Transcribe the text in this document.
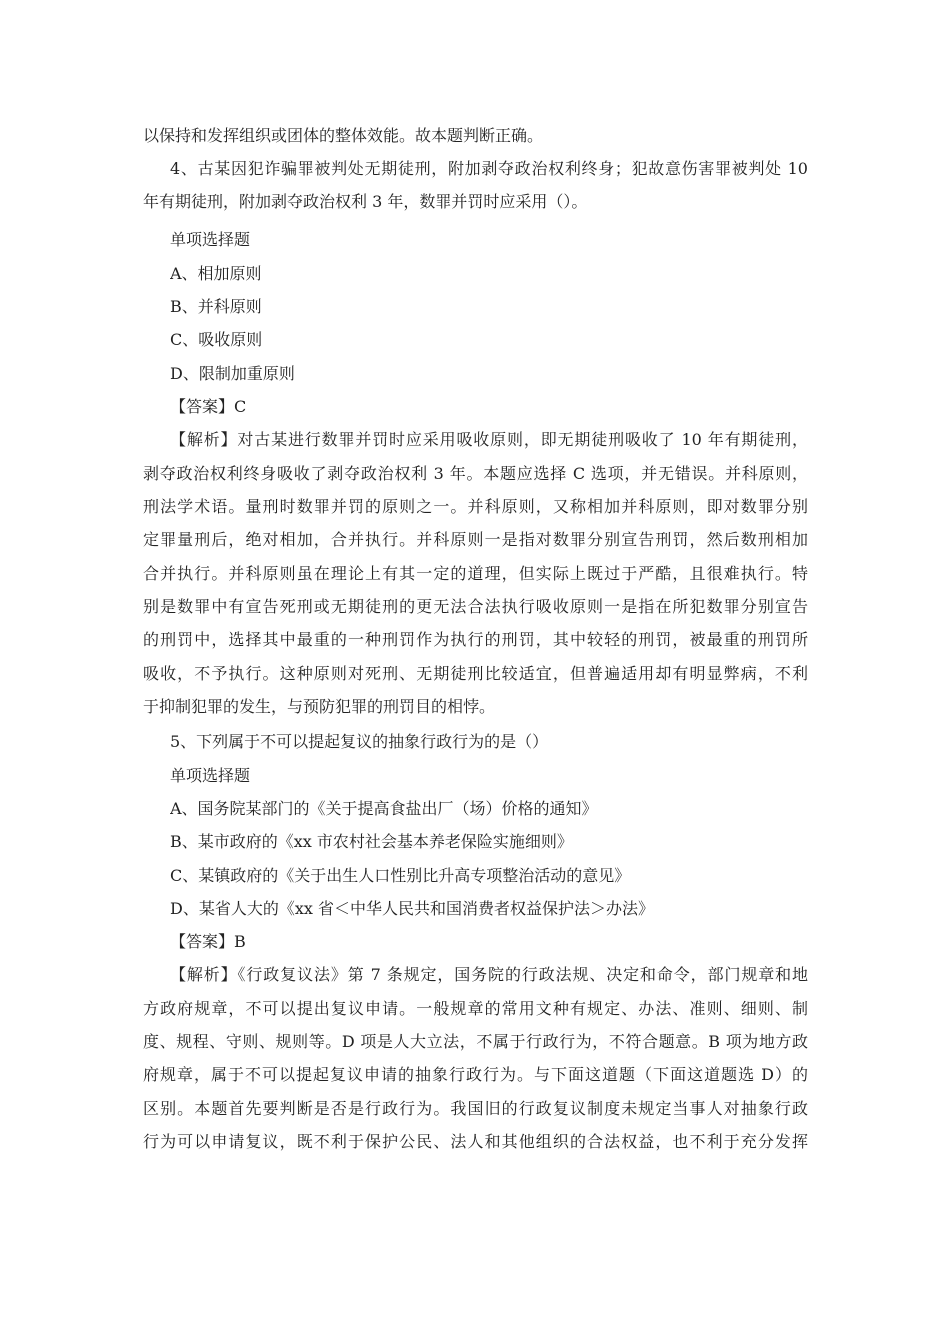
以保持和发挥组织或团体的整体效能。故本题判断正确。
4、古某因犯诈骗罪被判处无期徒刑，附加剥夺政治权利终身；犯故意伤害罪被判处 10
年有期徒刑，附加剥夺政治权利 3 年，数罪并罚时应采用（）。
单项选择题
A、相加原则
B、并科原则
C、吸收原则
D、限制加重原则
【答案】C
【解析】对古某进行数罪并罚时应采用吸收原则，即无期徒刑吸收了 10 年有期徒刑，
剥夺政治权利终身吸收了剥夺政治权利 3 年。本题应选择 C 选项，并无错误。并科原则，
刑法学术语。量刑时数罪并罚的原则之一。并科原则，又称相加并科原则，即对数罪分别
定罪量刑后，绝对相加，合并执行。并科原则一是指对数罪分别宣告刑罚，然后数刑相加
合并执行。并科原则虽在理论上有其一定的道理，但实际上既过于严酷，且很难执行。特
别是数罪中有宣告死刑或无期徒刑的更无法合法执行吸收原则一是指在所犯数罪分别宣告
的刑罚中，选择其中最重的一种刑罚作为执行的刑罚，其中较轻的刑罚，被最重的刑罚所
吸收，不予执行。这种原则对死刑、无期徒刑比较适宜，但普遍适用却有明显弊病，不利
于抑制犯罪的发生，与预防犯罪的刑罚目的相悖。
5、下列属于不可以提起复议的抽象行政行为的是（）
单项选择题
A、国务院某部门的《关于提高食盐出厂（场）价格的通知》
B、某市政府的《xx 市农村社会基本养老保险实施细则》
C、某镇政府的《关于出生人口性别比升高专项整治活动的意见》
D、某省人大的《xx 省＜中华人民共和国消费者权益保护法＞办法》
【答案】B
【解析】《行政复议法》第 7 条规定，国务院的行政法规、决定和命令，部门规章和地
方政府规章，不可以提出复议申请。一般规章的常用文种有规定、办法、准则、细则、制
度、规程、守则、规则等。D 项是人大立法，不属于行政行为，不符合题意。B 项为地方政
府规章，属于不可以提起复议申请的抽象行政行为。与下面这道题（下面这道题选 D）的
区别。本题首先要判断是否是行政行为。我国旧的行政复议制度未规定当事人对抽象行政
行为可以申请复议，既不利于保护公民、法人和其他组织的合法权益，也不利于充分发挥
